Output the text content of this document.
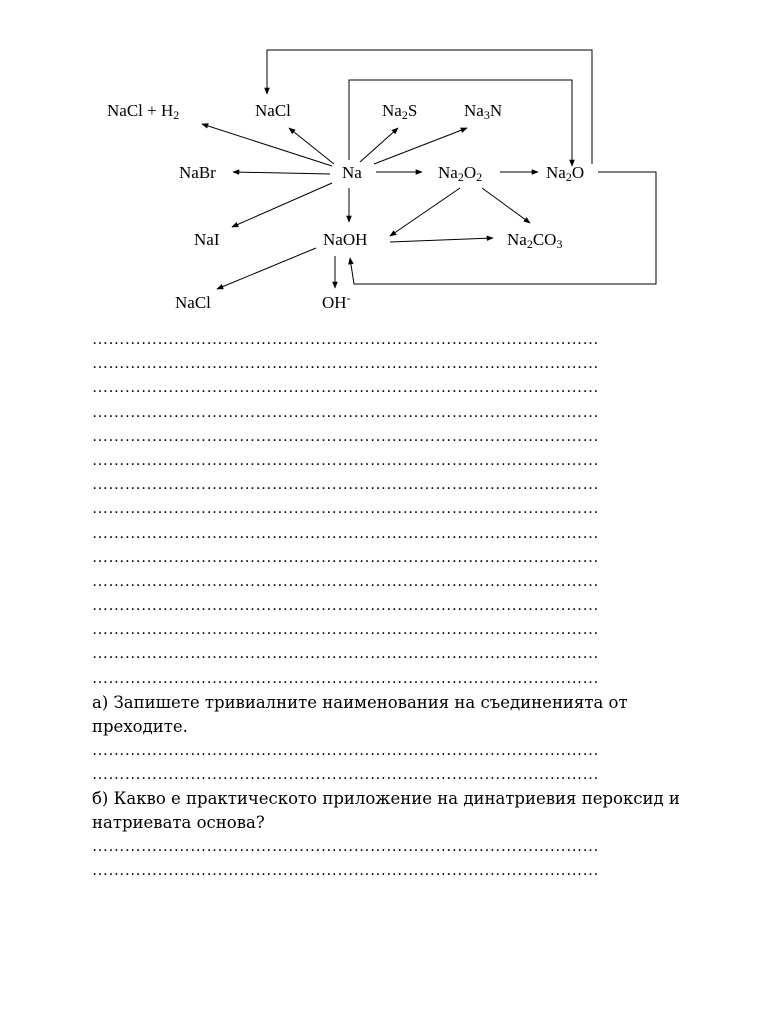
NaCl + H2	NaCl	Na2S	Na3N
NaBr	Na	Na2O2	Na2O
NaI	NaOH	Na2CO3
NaCl	OH-
…………………………………………………………………………………
…………………………………………………………………………………
…………………………………………………………………………………
…………………………………………………………………………………
…………………………………………………………………………………
…………………………………………………………………………………
…………………………………………………………………………………
…………………………………………………………………………………
…………………………………………………………………………………
…………………………………………………………………………………
…………………………………………………………………………………
…………………………………………………………………………………
…………………………………………………………………………………
…………………………………………………………………………………
…………………………………………………………………………………
а) Запишете тривиалните наименования на съединенията от преходите.
…………………………………………………………………………………
…………………………………………………………………………………
б) Какво е практическото приложение на динатриевия пероксид и натриевата основа?
…………………………………………………………………………………
…………………………………………………………………………………
